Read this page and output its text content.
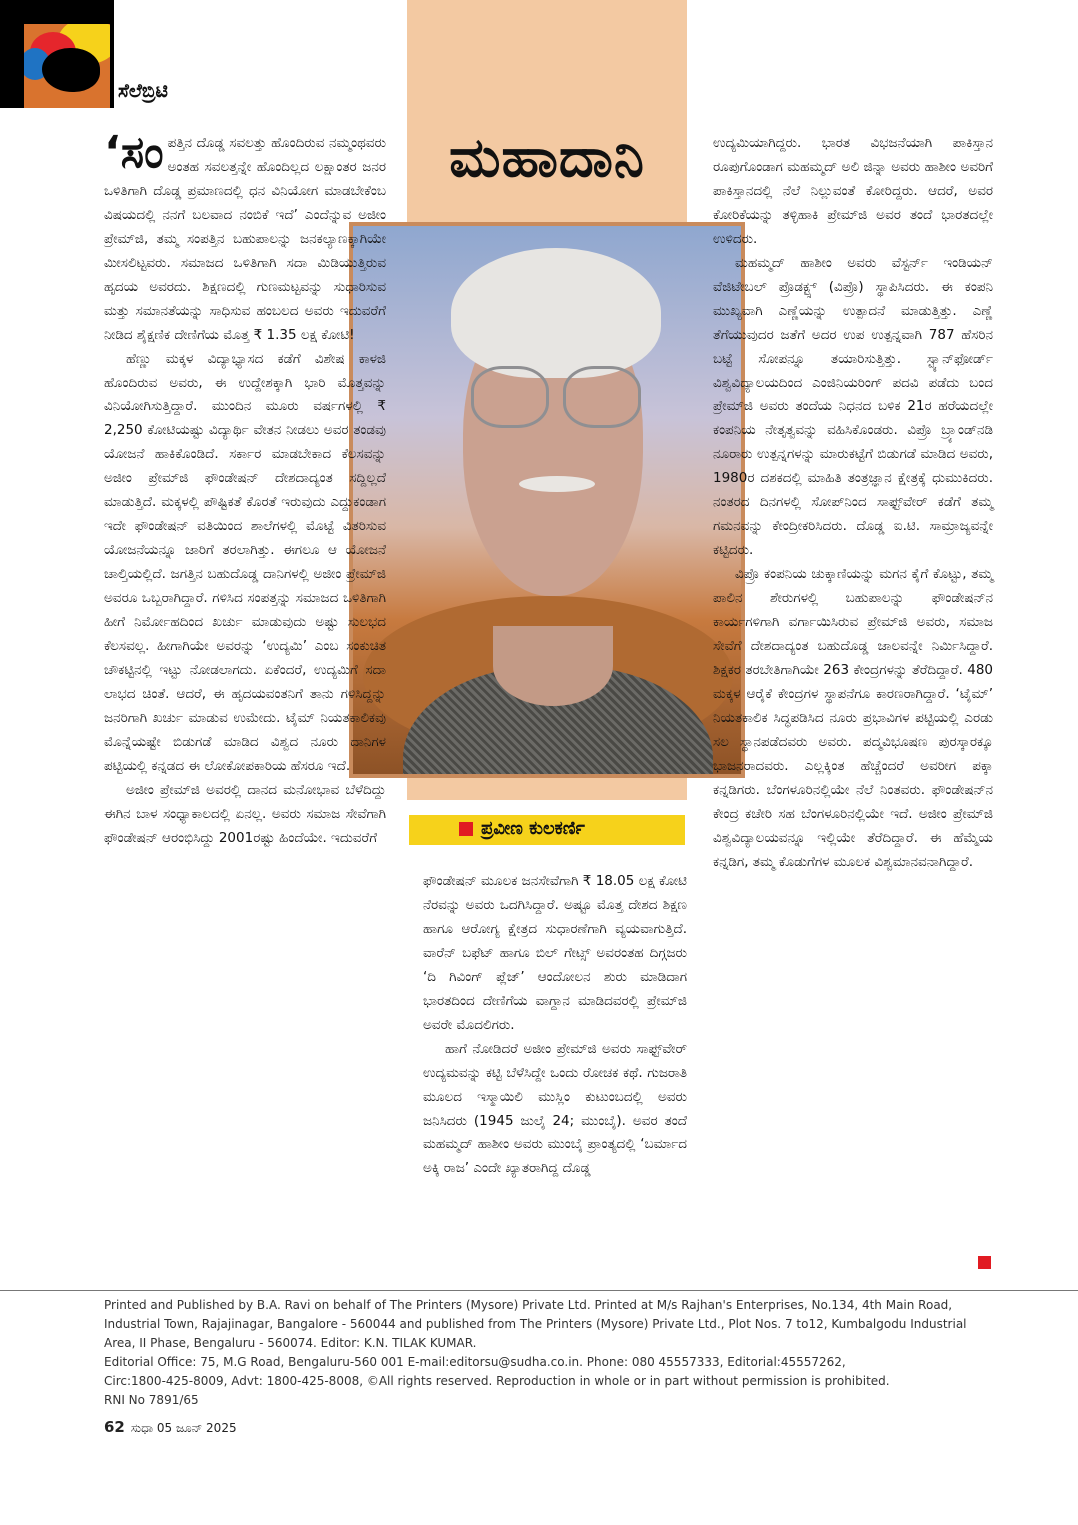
ಸೆಲೆಬ್ರಿಟಿ
ಮಹಾದಾನಿ
ಪ್ರವೀಣ ಕುಲಕರ್ಣಿ

‘ಸಂಪತ್ತಿನ ದೊಡ್ಡ ಸವಲತ್ತು ಹೊಂದಿರುವ ನಮ್ಮಂಥವರು ಅಂತಹ ಸವಲತ್ತನ್ನೇ ಹೊಂದಿಲ್ಲದ ಲಕ್ಷಾಂತರ ಜನರ ಒಳಿತಿಗಾಗಿ ದೊಡ್ಡ ಪ್ರಮಾಣದಲ್ಲಿ ಧನ ವಿನಿಯೋಗ ಮಾಡಬೇಕೆಂಬ ವಿಷಯದಲ್ಲಿ ನನಗೆ ಬಲವಾದ ನಂಬಿಕೆ ಇದೆ’ ಎಂದೆನ್ನುವ ಅಜೀಂ ಪ್ರೇಮ್‌ಜಿ, ತಮ್ಮ ಸಂಪತ್ತಿನ ಬಹುಪಾಲನ್ನು ಜನಕಲ್ಯಾಣಕ್ಕಾಗಿಯೇ ಮೀಸಲಿಟ್ಟವರು. ಸಮಾಜದ ಒಳಿತಿಗಾಗಿ ಸದಾ ಮಿಡಿಯುತ್ತಿರುವ ಹೃದಯ ಅವರದು. ಶಿಕ್ಷಣದಲ್ಲಿ ಗುಣಮಟ್ಟವನ್ನು ಸುಧಾರಿಸುವ ಮತ್ತು ಸಮಾನತೆಯನ್ನು ಸಾಧಿಸುವ ಹಂಬಲದ ಅವರು ಇದುವರೆಗೆ ನೀಡಿದ ಶೈಕ್ಷಣಿಕ ದೇಣಿಗೆಯ ಮೊತ್ತ ₹ 1.35 ಲಕ್ಷ ಕೋಟಿ!

ಹೆಣ್ಣು ಮಕ್ಕಳ ವಿದ್ಯಾಭ್ಯಾಸದ ಕಡೆಗೆ ವಿಶೇಷ ಕಾಳಜಿ ಹೊಂದಿರುವ ಅವರು, ಈ ಉದ್ದೇಶಕ್ಕಾಗಿ ಭಾರಿ ಮೊತ್ತವನ್ನು ವಿನಿಯೋಗಿಸುತ್ತಿದ್ದಾರೆ. ಮುಂದಿನ ಮೂರು ವರ್ಷಗಳಲ್ಲಿ ₹ 2,250 ಕೋಟಿಯಷ್ಟು ವಿದ್ಯಾರ್ಥಿ ವೇತನ ನೀಡಲು ಅವರ ತಂಡವು ಯೋಜನೆ ಹಾಕಿಕೊಂಡಿದೆ. ಸರ್ಕಾರ ಮಾಡಬೇಕಾದ ಕೆಲಸವನ್ನು ಅಜೀಂ ಪ್ರೇಮ್‌ಜಿ ಫೌಂಡೇಷನ್ ದೇಶದಾದ್ಯಂತ ಸದ್ದಿಲ್ಲದೆ ಮಾಡುತ್ತಿದೆ. ಮಕ್ಕಳಲ್ಲಿ ಪೌಷ್ಟಿಕತೆ ಕೊರತೆ ಇರುವುದು ಎದ್ದುಕಂಡಾಗ ಇದೇ ಫೌಂಡೇಷನ್ ವತಿಯಿಂದ ಶಾಲೆಗಳಲ್ಲಿ ಮೊಟ್ಟೆ ವಿತರಿಸುವ ಯೋಜನೆಯನ್ನೂ ಜಾರಿಗೆ ತರಲಾಗಿತ್ತು. ಈಗಲೂ ಆ ಯೋಜನೆ ಚಾಲ್ತಿಯಲ್ಲಿದೆ. ಜಗತ್ತಿನ ಬಹುದೊಡ್ಡ ದಾನಿಗಳಲ್ಲಿ ಅಜೀಂ ಪ್ರೇಮ್‌ಜಿ ಅವರೂ ಒಬ್ಬರಾಗಿದ್ದಾರೆ. ಗಳಿಸಿದ ಸಂಪತ್ತನ್ನು ಸಮಾಜದ ಒಳಿತಿಗಾಗಿ ಹೀಗೆ ನಿರ್ಮೋಹದಿಂದ ಖರ್ಚು ಮಾಡುವುದು ಅಷ್ಟು ಸುಲಭದ ಕೆಲಸವಲ್ಲ. ಹೀಗಾಗಿಯೇ ಅವರನ್ನು ‘ಉದ್ಯಮಿ’ ಎಂಬ ಸಂಕುಚಿತ ಚೌಕಟ್ಟಿನಲ್ಲಿ ಇಟ್ಟು ನೋಡಲಾಗದು. ಏಕೆಂದರೆ, ಉದ್ಯಮಿಗೆ ಸದಾ ಲಾಭದ ಚಿಂತೆ. ಆದರೆ, ಈ ಹೃದಯವಂತನಿಗೆ ತಾನು ಗಳಿಸಿದ್ದನ್ನು ಜನರಿಗಾಗಿ ಖರ್ಚು ಮಾಡುವ ಉಮೇದು. ಟೈಮ್ ನಿಯತಕಾಲಿಕವು ಮೊನ್ನೆಯಷ್ಟೇ ಬಿಡುಗಡೆ ಮಾಡಿದ ವಿಶ್ವದ ನೂರು ದಾನಿಗಳ ಪಟ್ಟಿಯಲ್ಲಿ ಕನ್ನಡದ ಈ ಲೋಕೋಪಕಾರಿಯ ಹೆಸರೂ ಇದೆ.

ಅಜೀಂ ಪ್ರೇಮ್‌ಜಿ ಅವರಲ್ಲಿ ದಾನದ ಮನೋಭಾವ ಬೆಳೆದಿದ್ದು ಈಗಿನ ಬಾಳ ಸಂಧ್ಯಾಕಾಲದಲ್ಲಿ ಏನಲ್ಲ. ಅವರು ಸಮಾಜ ಸೇವೆಗಾಗಿ ಫೌಂಡೇಷನ್ ಆರಂಭಿಸಿದ್ದು 2001ರಷ್ಟು ಹಿಂದೆಯೇ. ಇದುವರೆಗೆ

ಫೌಂಡೇಷನ್ ಮೂಲಕ ಜನಸೇವೆಗಾಗಿ ₹ 18.05 ಲಕ್ಷ ಕೋಟಿ ನೆರವನ್ನು ಅವರು ಒದಗಿಸಿದ್ದಾರೆ. ಅಷ್ಟೂ ಮೊತ್ತ ದೇಶದ ಶಿಕ್ಷಣ ಹಾಗೂ ಆರೋಗ್ಯ ಕ್ಷೇತ್ರದ ಸುಧಾರಣೆಗಾಗಿ ವ್ಯಯವಾಗುತ್ತಿದೆ. ವಾರೆನ್ ಬಫೆಟ್ ಹಾಗೂ ಬಿಲ್ ಗೇಟ್ಸ್ ಅವರಂತಹ ದಿಗ್ಗಜರು ‘ದಿ ಗಿವಿಂಗ್ ಪ್ಲೆಜ್’ ಆಂದೋಲನ ಶುರು ಮಾಡಿದಾಗ ಭಾರತದಿಂದ ದೇಣಿಗೆಯ ವಾಗ್ದಾನ ಮಾಡಿದವರಲ್ಲಿ ಪ್ರೇಮ್‌ಜಿ ಅವರೇ ಮೊದಲಿಗರು.

ಹಾಗೆ ನೋಡಿದರೆ ಅಜೀಂ ಪ್ರೇಮ್‌ಜಿ ಅವರು ಸಾಫ್ಟ್‌ವೇರ್ ಉದ್ಯಮವನ್ನು ಕಟ್ಟಿ ಬೆಳೆಸಿದ್ದೇ ಒಂದು ರೋಚಕ ಕಥೆ. ಗುಜರಾತಿ ಮೂಲದ ಇಸ್ಮಾಯಿಲಿ ಮುಸ್ಲಿಂ ಕುಟುಂಬದಲ್ಲಿ ಅವರು ಜನಿಸಿದರು (1945 ಜುಲೈ 24; ಮುಂಬೈ). ಅವರ ತಂದೆ ಮಹಮ್ಮದ್ ಹಾಶೀಂ ಅವರು ಮುಂಬೈ ಪ್ರಾಂತ್ಯದಲ್ಲಿ ‘ಬರ್ಮಾದ ಅಕ್ಕಿ ರಾಜ’ ಎಂದೇ ಖ್ಯಾತರಾಗಿದ್ದ ದೊಡ್ಡ

ಉದ್ಯಮಿಯಾಗಿದ್ದರು. ಭಾರತ ವಿಭಜನೆಯಾಗಿ ಪಾಕಿಸ್ತಾನ ರೂಪುಗೊಂಡಾಗ ಮಹಮ್ಮದ್ ಅಲಿ ಜಿನ್ನಾ ಅವರು ಹಾಶೀಂ ಅವರಿಗೆ ಪಾಕಿಸ್ತಾನದಲ್ಲಿ ನೆಲೆ ನಿಲ್ಲುವಂತೆ ಕೋರಿದ್ದರು. ಆದರೆ, ಅವರ ಕೋರಿಕೆಯನ್ನು ತಳ್ಳಿಹಾಕಿ ಪ್ರೇಮ್‌ಜಿ ಅವರ ತಂದೆ ಭಾರತದಲ್ಲೇ ಉಳಿದರು.

ಮಹಮ್ಮದ್ ಹಾಶೀಂ ಅವರು ವೆಸ್ಟರ್ನ್ ಇಂಡಿಯನ್ ವೆಜಿಟೇಬಲ್ ಪ್ರೊಡಕ್ಟ್ಸ್ (ವಿಪ್ರೊ) ಸ್ಥಾಪಿಸಿದರು. ಈ ಕಂಪನಿ ಮುಖ್ಯವಾಗಿ ಎಣ್ಣೆಯನ್ನು ಉತ್ಪಾದನೆ ಮಾಡುತ್ತಿತ್ತು. ಎಣ್ಣೆ ತೆಗೆಯುವುದರ ಜತೆಗೆ ಅದರ ಉಪ ಉತ್ಪನ್ನವಾಗಿ 787 ಹೆಸರಿನ ಬಟ್ಟೆ ಸೋಪನ್ನೂ ತಯಾರಿಸುತ್ತಿತ್ತು. ಸ್ಟ್ಯಾನ್‌ಫೋರ್ಡ್ ವಿಶ್ವವಿದ್ಯಾಲಯದಿಂದ ಎಂಜಿನಿಯರಿಂಗ್ ಪದವಿ ಪಡೆದು ಬಂದ ಪ್ರೇಮ್‌ಜಿ ಅವರು ತಂದೆಯ ನಿಧನದ ಬಳಿಕ 21ರ ಹರೆಯದಲ್ಲೇ ಕಂಪನಿಯ ನೇತೃತ್ವವನ್ನು ವಹಿಸಿಕೊಂಡರು. ವಿಪ್ರೊ ಬ್ರ್ಯಾಂಡ್‌ನಡಿ ನೂರಾರು ಉತ್ಪನ್ನಗಳನ್ನು ಮಾರುಕಟ್ಟೆಗೆ ಬಿಡುಗಡೆ ಮಾಡಿದ ಅವರು, 1980ರ ದಶಕದಲ್ಲಿ ಮಾಹಿತಿ ತಂತ್ರಜ್ಞಾನ ಕ್ಷೇತ್ರಕ್ಕೆ ಧುಮುಕಿದರು. ನಂತರದ ದಿನಗಳಲ್ಲಿ ಸೋಪ್‌ನಿಂದ ಸಾಫ್ಟ್‌ವೇರ್ ಕಡೆಗೆ ತಮ್ಮ ಗಮನವನ್ನು ಕೇಂದ್ರೀಕರಿಸಿದರು. ದೊಡ್ಡ ಐ.ಟಿ. ಸಾಮ್ರಾಜ್ಯವನ್ನೇ ಕಟ್ಟಿದರು.

ವಿಪ್ರೊ ಕಂಪನಿಯ ಚುಕ್ಕಾಣಿಯನ್ನು ಮಗನ ಕೈಗೆ ಕೊಟ್ಟು, ತಮ್ಮ ಪಾಲಿನ ಶೇರುಗಳಲ್ಲಿ ಬಹುಪಾಲನ್ನು ಫೌಂಡೇಷನ್‌ನ ಕಾರ್ಯಗಳಿಗಾಗಿ ವರ್ಗಾಯಿಸಿರುವ ಪ್ರೇಮ್‌ಜಿ ಅವರು, ಸಮಾಜ ಸೇವೆಗೆ ದೇಶದಾದ್ಯಂತ ಬಹುದೊಡ್ಡ ಜಾಲವನ್ನೇ ನಿರ್ಮಿಸಿದ್ದಾರೆ. ಶಿಕ್ಷಕರ ತರಬೇತಿಗಾಗಿಯೇ 263 ಕೇಂದ್ರಗಳನ್ನು ತೆರೆದಿದ್ದಾರೆ. 480 ಮಕ್ಕಳ ಆರೈಕೆ ಕೇಂದ್ರಗಳ ಸ್ಥಾಪನೆಗೂ ಕಾರಣರಾಗಿದ್ದಾರೆ. ‘ಟೈಮ್’ ನಿಯತಕಾಲಿಕ ಸಿದ್ಧಪಡಿಸಿದ ನೂರು ಪ್ರಭಾವಿಗಳ ಪಟ್ಟಿಯಲ್ಲಿ ಎರಡು ಸಲ ಸ್ಥಾನಪಡೆದವರು ಅವರು. ಪದ್ಮವಿಭೂಷಣ ಪುರಸ್ಕಾರಕ್ಕೂ ಭಾಜನರಾದವರು. ಎಲ್ಲಕ್ಕಿಂತ ಹೆಚ್ಚೆಂದರೆ ಅವರೀಗ ಪಕ್ಕಾ ಕನ್ನಡಿಗರು. ಬೆಂಗಳೂರಿನಲ್ಲಿಯೇ ನೆಲೆ ನಿಂತವರು. ಫೌಂಡೇಷನ್‌ನ ಕೇಂದ್ರ ಕಚೇರಿ ಸಹ ಬೆಂಗಳೂರಿನಲ್ಲಿಯೇ ಇದೆ. ಅಜೀಂ ಪ್ರೇಮ್‌ಜಿ ವಿಶ್ವವಿದ್ಯಾಲಯವನ್ನೂ ಇಲ್ಲಿಯೇ ತೆರೆದಿದ್ದಾರೆ. ಈ ಹೆಮ್ಮೆಯ ಕನ್ನಡಿಗ, ತಮ್ಮ ಕೊಡುಗೆಗಳ ಮೂಲಕ ವಿಶ್ವಮಾನವನಾಗಿದ್ದಾರೆ.

Printed and Published by B.A. Ravi on behalf of The Printers (Mysore) Private Ltd. Printed at M/s Rajhan's Enterprises, No.134, 4th Main Road, Industrial Town, Rajajinagar, Bangalore - 560044 and published from The Printers (Mysore) Private Ltd., Plot Nos. 7 to12, Kumbalgodu Industrial Area, II Phase, Bengaluru - 560074. Editor: K.N. TILAK KUMAR.
Editorial Office: 75, M.G Road, Bengaluru-560 001 E-mail:editorsu@sudha.co.in. Phone: 080 45557333, Editorial:45557262,
Circ:1800-425-8009, Advt: 1800-425-8008, ©All rights reserved. Reproduction in whole or in part without permission is prohibited.
RNI No 7891/65
62 ಸುಧಾ 05 ಜೂನ್ 2025
